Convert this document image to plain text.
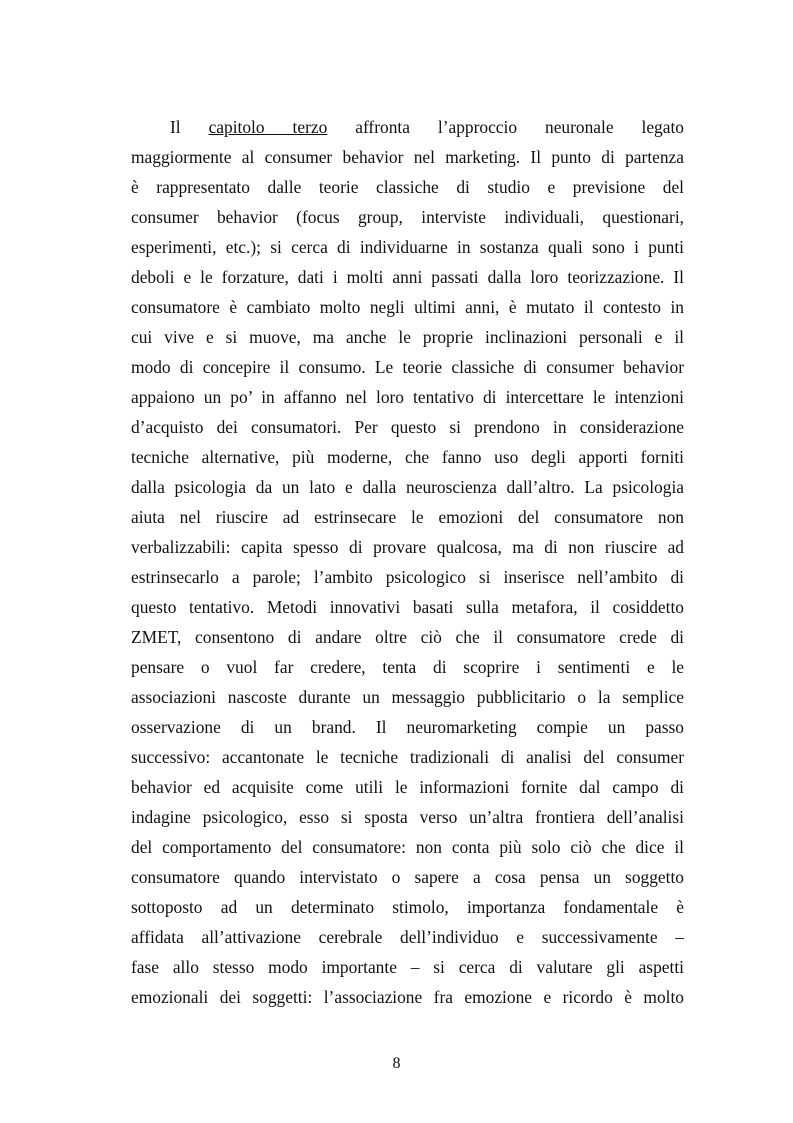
Il capitolo terzo affronta l’approccio neuronale legato
maggiormente al consumer behavior nel marketing. Il punto di partenza
è rappresentato dalle teorie classiche di studio e previsione del
consumer behavior (focus group, interviste individuali, questionari,
esperimenti, etc.); si cerca di individuarne in sostanza quali sono i punti
deboli e le forzature, dati i molti anni passati dalla loro teorizzazione. Il
consumatore è cambiato molto negli ultimi anni, è mutato il contesto in
cui vive e si muove, ma anche le proprie inclinazioni personali e il
modo di concepire il consumo. Le teorie classiche di consumer behavior
appaiono un po’ in affanno nel loro tentativo di intercettare le intenzioni
d’acquisto dei consumatori. Per questo si prendono in considerazione
tecniche alternative, più moderne, che fanno uso degli apporti forniti
dalla psicologia da un lato e dalla neuroscienza dall’altro. La psicologia
aiuta nel riuscire ad estrinsecare le emozioni del consumatore non
verbalizzabili: capita spesso di provare qualcosa, ma di non riuscire ad
estrinsecarlo a parole; l’ambito psicologico si inserisce nell’ambito di
questo tentativo. Metodi innovativi basati sulla metafora, il cosiddetto
ZMET, consentono di andare oltre ciò che il consumatore crede di
pensare o vuol far credere, tenta di scoprire i sentimenti e le
associazioni nascoste durante un messaggio pubblicitario o la semplice
osservazione di un brand. Il neuromarketing compie un passo
successivo: accantonate le tecniche tradizionali di analisi del consumer
behavior ed acquisite come utili le informazioni fornite dal campo di
indagine psicologico, esso si sposta verso un’altra frontiera dell’analisi
del comportamento del consumatore: non conta più solo ciò che dice il
consumatore quando intervistato o sapere a cosa pensa un soggetto
sottoposto ad un determinato stimolo, importanza fondamentale è
affidata all’attivazione cerebrale dell’individuo e successivamente –
fase allo stesso modo importante – si cerca di valutare gli aspetti
emozionali dei soggetti: l’associazione fra emozione e ricordo è molto
8
